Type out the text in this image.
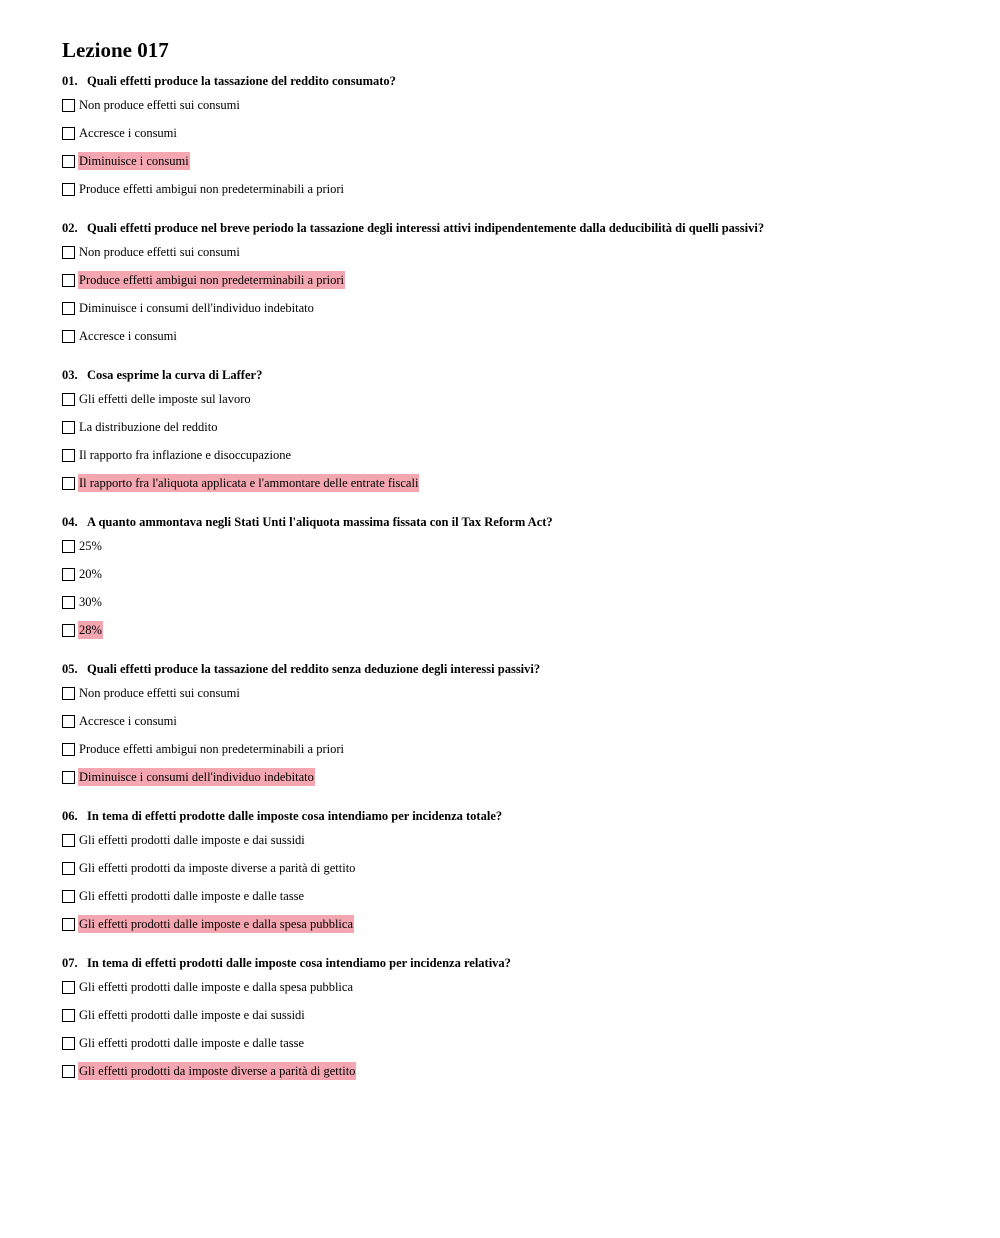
Lezione 017
01. Quali effetti produce la tassazione del reddito consumato?
Non produce effetti sui consumi
Accresce i consumi
Diminuisce i consumi
Produce effetti ambigui non predeterminabili a priori
02. Quali effetti produce nel breve periodo la tassazione degli interessi attivi indipendentemente dalla deducibilità di quelli passivi?
Non produce effetti sui consumi
Produce effetti ambigui non predeterminabili a priori
Diminuisce i consumi dell'individuo indebitato
Accresce i consumi
03. Cosa esprime la curva di Laffer?
Gli effetti delle imposte sul lavoro
La distribuzione del reddito
Il rapporto fra inflazione e disoccupazione
Il rapporto fra l'aliquota applicata e l'ammontare delle entrate fiscali
04. A quanto ammontava negli Stati Unti l'aliquota massima fissata con il Tax Reform Act?
25%
20%
30%
28%
05. Quali effetti produce la tassazione del reddito senza deduzione degli interessi passivi?
Non produce effetti sui consumi
Accresce i consumi
Produce effetti ambigui non predeterminabili a priori
Diminuisce i consumi dell'individuo indebitato
06. In tema di effetti prodotte dalle imposte cosa intendiamo per incidenza totale?
Gli effetti prodotti dalle imposte e dai sussidi
Gli effetti prodotti da imposte diverse a parità di gettito
Gli effetti prodotti dalle imposte e dalle tasse
Gli effetti prodotti dalle imposte e dalla spesa pubblica
07. In tema di effetti prodotti dalle imposte cosa intendiamo per incidenza relativa?
Gli effetti prodotti dalle imposte e dalla spesa pubblica
Gli effetti prodotti dalle imposte e dai sussidi
Gli effetti prodotti dalle imposte e dalle tasse
Gli effetti prodotti da imposte diverse a parità di gettito
